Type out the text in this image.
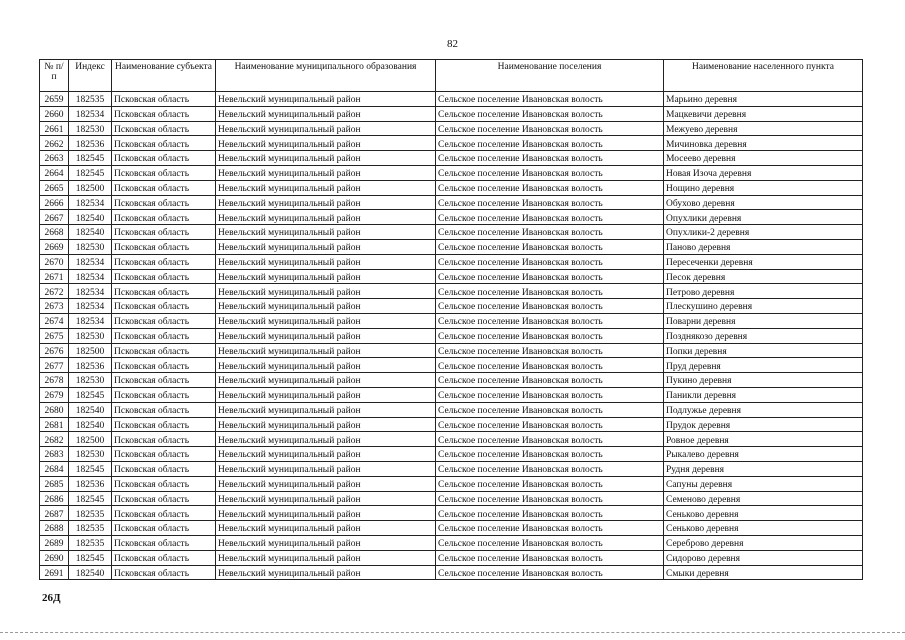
82
№ п/п	Индекс	Наименование субъекта	Наименование муниципального образования	Наименование поселения	Наименование населенного пункта
2659	182535	Псковская область	Невельский муниципальный район	Сельское поселение Ивановская волость	Марьино деревня
2660	182534	Псковская область	Невельский муниципальный район	Сельское поселение Ивановская волость	Мацкевичи деревня
2661	182530	Псковская область	Невельский муниципальный район	Сельское поселение Ивановская волость	Межуево деревня
2662	182536	Псковская область	Невельский муниципальный район	Сельское поселение Ивановская волость	Мичиновка деревня
2663	182545	Псковская область	Невельский муниципальный район	Сельское поселение Ивановская волость	Мосеево деревня
2664	182545	Псковская область	Невельский муниципальный район	Сельское поселение Ивановская волость	Новая Изоча деревня
2665	182500	Псковская область	Невельский муниципальный район	Сельское поселение Ивановская волость	Нощино деревня
2666	182534	Псковская область	Невельский муниципальный район	Сельское поселение Ивановская волость	Обухово деревня
2667	182540	Псковская область	Невельский муниципальный район	Сельское поселение Ивановская волость	Опухлики деревня
2668	182540	Псковская область	Невельский муниципальный район	Сельское поселение Ивановская волость	Опухлики-2 деревня
2669	182530	Псковская область	Невельский муниципальный район	Сельское поселение Ивановская волость	Паново деревня
2670	182534	Псковская область	Невельский муниципальный район	Сельское поселение Ивановская волость	Пересеченки деревня
2671	182534	Псковская область	Невельский муниципальный район	Сельское поселение Ивановская волость	Песок деревня
2672	182534	Псковская область	Невельский муниципальный район	Сельское поселение Ивановская волость	Петрово деревня
2673	182534	Псковская область	Невельский муниципальный район	Сельское поселение Ивановская волость	Плескушино деревня
2674	182534	Псковская область	Невельский муниципальный район	Сельское поселение Ивановская волость	Поварни деревня
2675	182530	Псковская область	Невельский муниципальный район	Сельское поселение Ивановская волость	Позднякозо деревня
2676	182500	Псковская область	Невельский муниципальный район	Сельское поселение Ивановская волость	Попки деревня
2677	182536	Псковская область	Невельский муниципальный район	Сельское поселение Ивановская волость	Пруд деревня
2678	182530	Псковская область	Невельский муниципальный район	Сельское поселение Ивановская волость	Пукино деревня
2679	182545	Псковская область	Невельский муниципальный район	Сельское поселение Ивановская волость	Паникли деревня
2680	182540	Псковская область	Невельский муниципальный район	Сельское поселение Ивановская волость	Подлужье деревня
2681	182540	Псковская область	Невельский муниципальный район	Сельское поселение Ивановская волость	Прудок деревня
2682	182500	Псковская область	Невельский муниципальный район	Сельское поселение Ивановская волость	Ровное деревня
2683	182530	Псковская область	Невельский муниципальный район	Сельское поселение Ивановская волость	Рыкалево деревня
2684	182545	Псковская область	Невельский муниципальный район	Сельское поселение Ивановская волость	Рудня деревня
2685	182536	Псковская область	Невельский муниципальный район	Сельское поселение Ивановская волость	Сапуны деревня
2686	182545	Псковская область	Невельский муниципальный район	Сельское поселение Ивановская волость	Семеново деревня
2687	182535	Псковская область	Невельский муниципальный район	Сельское поселение Ивановская волость	Сеньково деревня
2688	182535	Псковская область	Невельский муниципальный район	Сельское поселение Ивановская волость	Сеньково деревня
2689	182535	Псковская область	Невельский муниципальный район	Сельское поселение Ивановская волость	Сереброво деревня
2690	182545	Псковская область	Невельский муниципальный район	Сельское поселение Ивановская волость	Сидорово деревня
2691	182540	Псковская область	Невельский муниципальный район	Сельское поселение Ивановская волость	Смыки деревня
26Д
